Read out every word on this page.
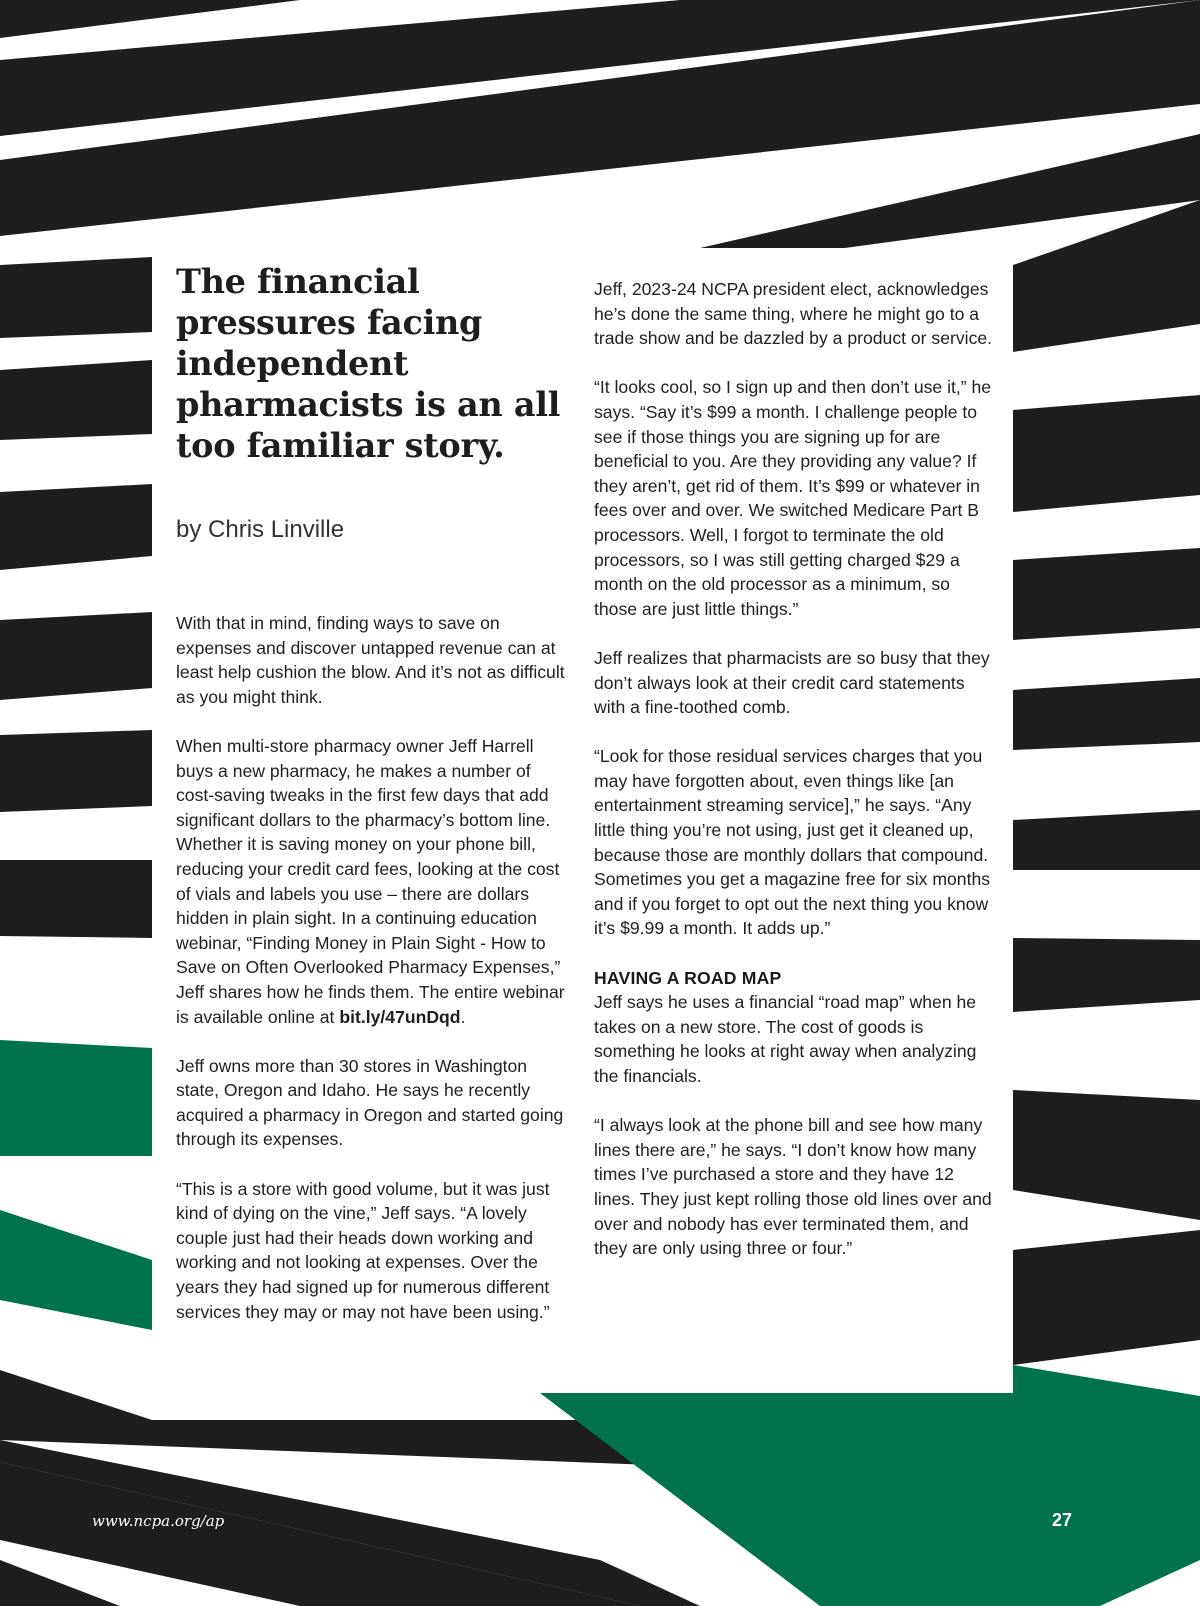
The financial pressures facing independent pharmacists is an all too familiar story.

by Chris Linville

With that in mind, finding ways to save on expenses and discover untapped revenue can at least help cushion the blow. And it’s not as difficult as you might think.

When multi-store pharmacy owner Jeff Harrell buys a new pharmacy, he makes a number of cost-saving tweaks in the first few days that add significant dollars to the pharmacy’s bottom line. Whether it is saving money on your phone bill, reducing your credit card fees, looking at the cost of vials and labels you use – there are dollars hidden in plain sight. In a continuing education webinar, “Finding Money in Plain Sight - How to Save on Often Overlooked Pharmacy Expenses,” Jeff shares how he finds them. The entire webinar is available online at bit.ly/47unDqd.

Jeff owns more than 30 stores in Washington state, Oregon and Idaho. He says he recently acquired a pharmacy in Oregon and started going through its expenses.

“This is a store with good volume, but it was just kind of dying on the vine,” Jeff says. “A lovely couple just had their heads down working and working and not looking at expenses. Over the years they had signed up for numerous different services they may or may not have been using.”

Jeff, 2023-24 NCPA president elect, acknowledges he’s done the same thing, where he might go to a trade show and be dazzled by a product or service.

“It looks cool, so I sign up and then don’t use it,” he says. “Say it’s $99 a month. I challenge people to see if those things you are signing up for are beneficial to you. Are they providing any value? If they aren’t, get rid of them. It’s $99 or whatever in fees over and over. We switched Medicare Part B processors. Well, I forgot to terminate the old processors, so I was still getting charged $29 a month on the old processor as a minimum, so those are just little things.”

Jeff realizes that pharmacists are so busy that they don’t always look at their credit card statements with a fine-toothed comb.

“Look for those residual services charges that you may have forgotten about, even things like [an entertainment streaming service],” he says. “Any little thing you’re not using, just get it cleaned up, because those are monthly dollars that compound. Sometimes you get a magazine free for six months and if you forget to opt out the next thing you know it’s $9.99 a month. It adds up.”

HAVING A ROAD MAP

Jeff says he uses a financial “road map” when he takes on a new store. The cost of goods is something he looks at right away when analyzing the financials.

“I always look at the phone bill and see how many lines there are,” he says. “I don’t know how many times I’ve purchased a store and they have 12 lines. They just kept rolling those old lines over and over and nobody has ever terminated them, and they are only using three or four.”

www.ncpa.org/ap	27
